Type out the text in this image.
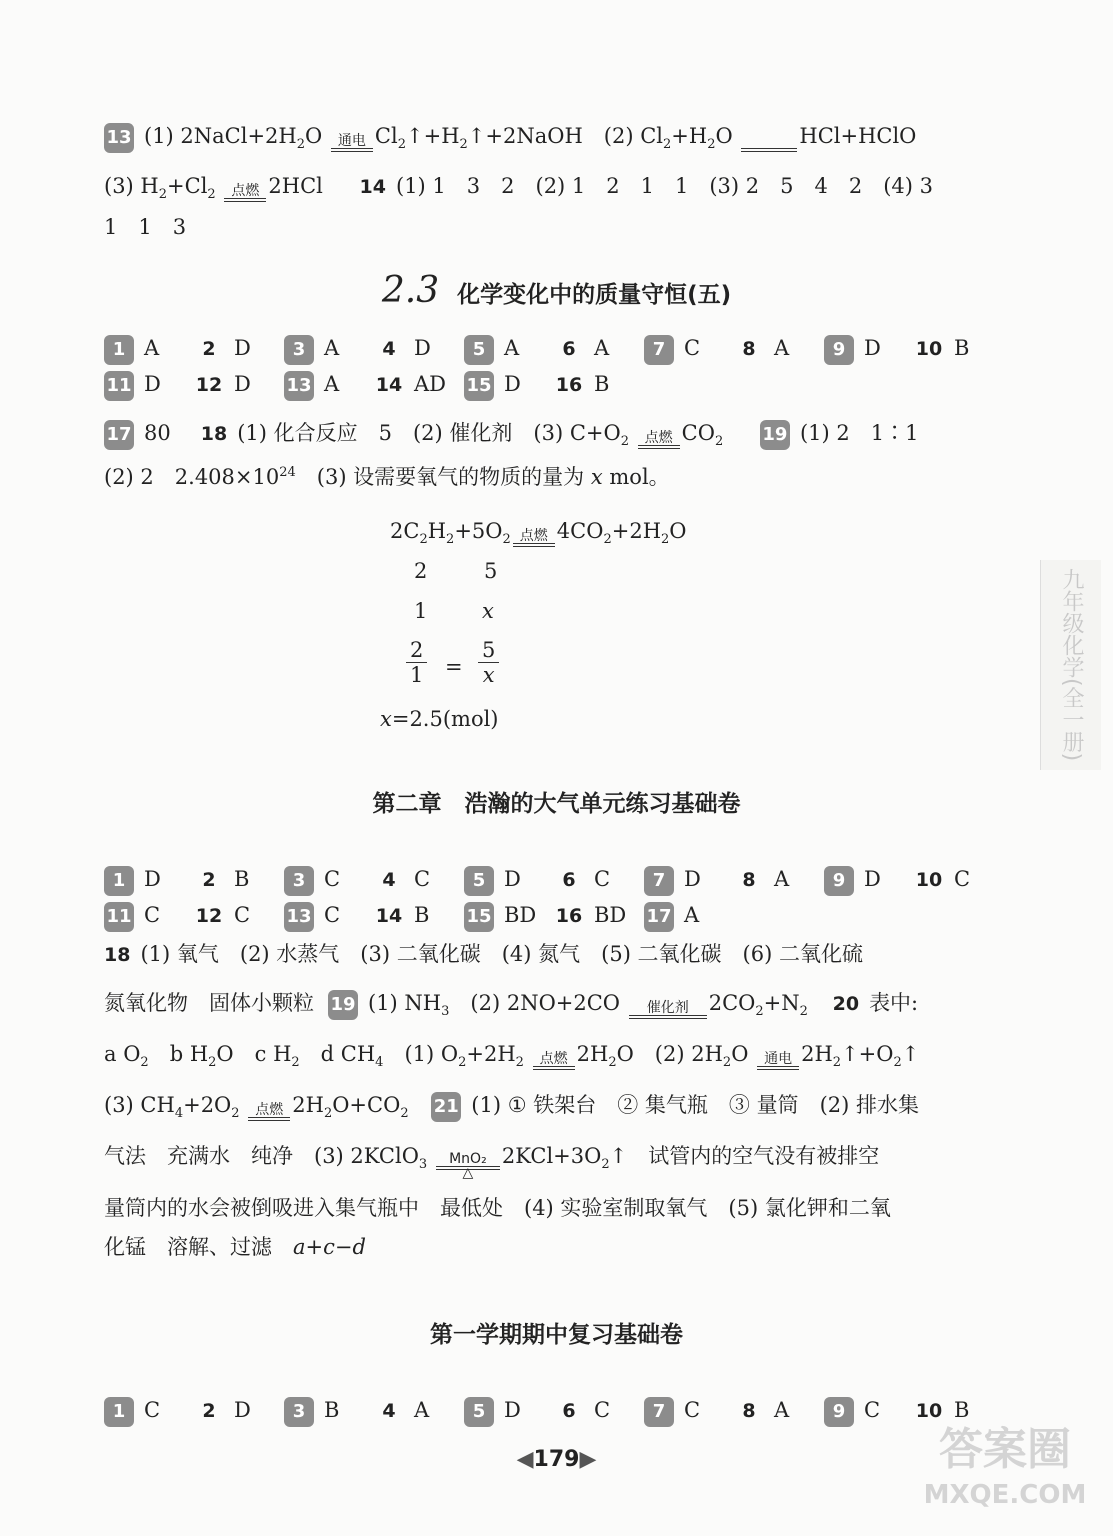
13 (1) $2NaCl+2H_2O$ 通电 $Cl_2↑+H_2↑+2NaOH$　(2) $Cl_2+H_2O$
	HCl+HClO
(3) $H_2+Cl_2$ 点燃 2HCl 14 (1) 1　3　2　(2) 1　2　1　1　(3) 2　5　4　2　(4) 3
1　1　3
2.3 化学变化中的质量守恒(五)
1 A 2 D 3 A 4 D 5 A 6 A 7 C 8 A 9 D 10 B
11 D 12 D 13 A 14 AD 15 D 16 B
17 80 18 (1) 化合反应　5　(2) 催化剂　(3) $C+O_2$ 点燃 $CO_2$ 19 (1) 2　1∶1
(2) 2　$2.408\times 10^{24}$　(3) 设需要氧气的物质的量为 x mol。
$2C_2H_2+5O_2$ 点燃 $4CO_2+2H_2O$
2	5
1	x
$\frac{2}{1} = \frac{5}{x}$
x=2.5(mol)
第二章　浩瀚的大气单元练习基础卷
1 D 2 B 3 C 4 C 5 D 6 C 7 D 8 A 9 D 10 C
11 C 12 C 13 C 14 B 15 BD 16 BD 17 A
18 (1) 氧气　(2) 水蒸气　(3) 二氧化碳　(4) 氮气　(5) 二氧化碳　(6) 二氧化硫
氮氧化物　固体小颗粒 19 (1) $NH_3$　(2) 2NO+2CO 催化剂 $2CO_2+N_2$ 20 表中:
a $O_2$　b $H_2O$　c $H_2$　d $CH_4$　(1) $O_2+2H_2$ 点燃 $2H_2O$　(2) $2H_2O$ 通电 $2H_2↑+O_2↑$
(3) $CH_4+2O_2$ 点燃 $2H_2O+CO_2$ 21 (1) ① 铁架台　② 集气瓶　③ 量筒　(2) 排水集
气法　充满水　纯净　(3) 2KClO$_3$ MnO₂
△
$2KCl+3O_2↑$　试管内的空气没有被排空
量筒内的水会被倒吸进入集气瓶中　最低处　(4) 实验室制取氧气　(5) 氯化钾和二氧
化锰　溶解、过滤　a+c−d
第一学期期中复习基础卷
1 C 2 D 3 B 4 A 5 D 6 C 7 C 8 A 9 C 10 B
九年级化学(全一册)
◀179▶	答案圈
MXQE.COM
